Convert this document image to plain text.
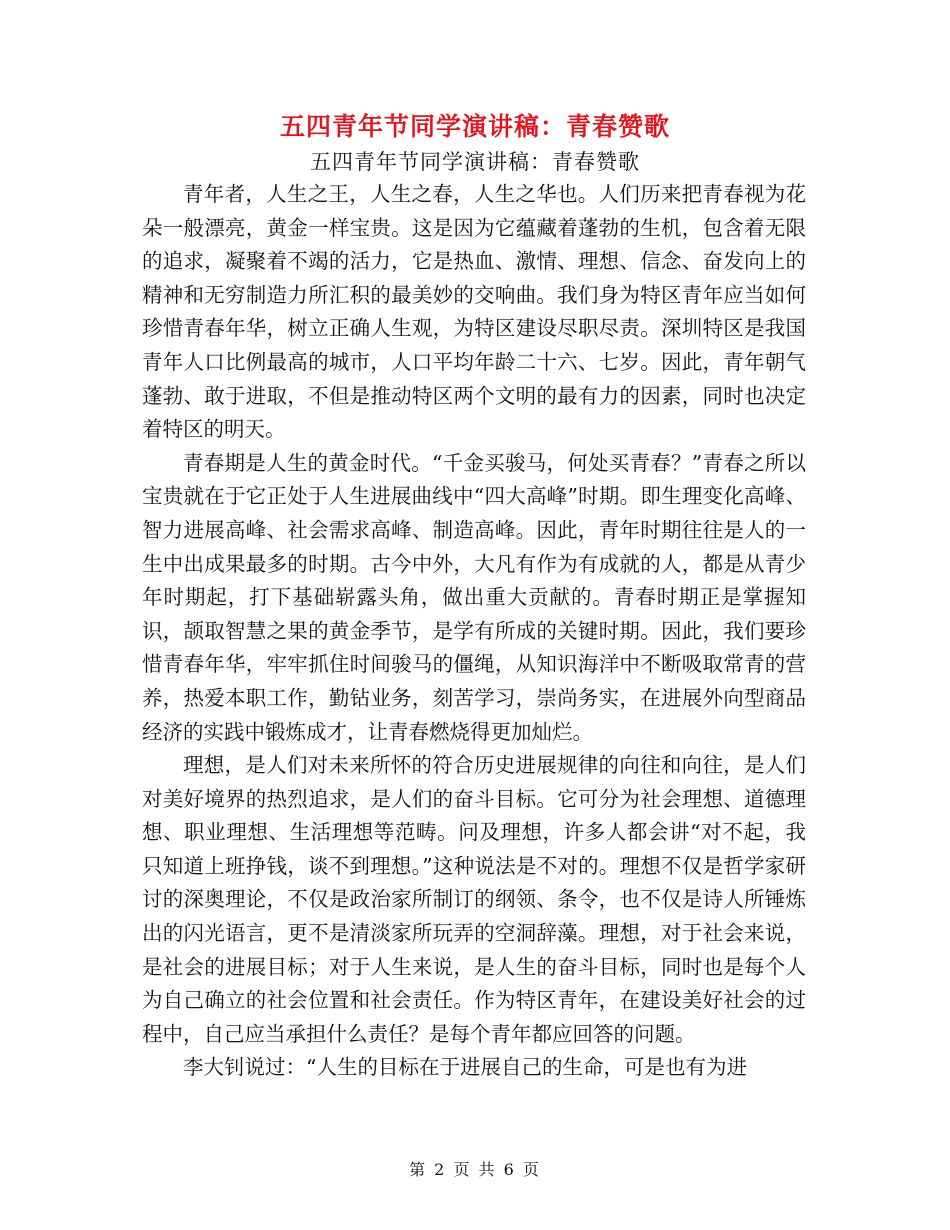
五四青年节同学演讲稿：青春赞歌
五四青年节同学演讲稿：青春赞歌

青年者，人生之王，人生之春，人生之华也。人们历来把青春视为花朵一般漂亮，黄金一样宝贵。这是因为它蕴藏着蓬勃的生机，包含着无限的追求，凝聚着不竭的活力，它是热血、激情、理想、信念、奋发向上的精神和无穷制造力所汇积的最美妙的交响曲。我们身为特区青年应当如何珍惜青春年华，树立正确人生观，为特区建设尽职尽责。深圳特区是我国青年人口比例最高的城市，人口平均年龄二十六、七岁。因此，青年朝气蓬勃、敢于进取，不但是推动特区两个文明的最有力的因素，同时也决定着特区的明天。

青春期是人生的黄金时代。“千金买骏马，何处买青春？”青春之所以宝贵就在于它正处于人生进展曲线中“四大高峰”时期。即生理变化高峰、智力进展高峰、社会需求高峰、制造高峰。因此，青年时期往往是人的一生中出成果最多的时期。古今中外，大凡有作为有成就的人，都是从青少年时期起，打下基础崭露头角，做出重大贡献的。青春时期正是掌握知识，颉取智慧之果的黄金季节，是学有所成的关键时期。因此，我们要珍惜青春年华，牢牢抓住时间骏马的僵绳，从知识海洋中不断吸取常青的营养，热爱本职工作，勤钻业务，刻苦学习，崇尚务实，在进展外向型商品经济的实践中锻炼成才，让青春燃烧得更加灿烂。

理想，是人们对未来所怀的符合历史进展规律的向往和向往，是人们对美好境界的热烈追求，是人们的奋斗目标。它可分为社会理想、道德理想、职业理想、生活理想等范畴。问及理想，许多人都会讲“对不起，我只知道上班挣钱，谈不到理想。”这种说法是不对的。理想不仅是哲学家研讨的深奥理论，不仅是政治家所制订的纲领、条令，也不仅是诗人所锤炼出的闪光语言，更不是清淡家所玩弄的空洞辞藻。理想，对于社会来说，是社会的进展目标；对于人生来说，是人生的奋斗目标，同时也是每个人为自己确立的社会位置和社会责任。作为特区青年，在建设美好社会的过程中，自己应当承担什么责任？是每个青年都应回答的问题。

李大钊说过：“人生的目标在于进展自己的生命，可是也有为进

第 2 页 共 6 页
